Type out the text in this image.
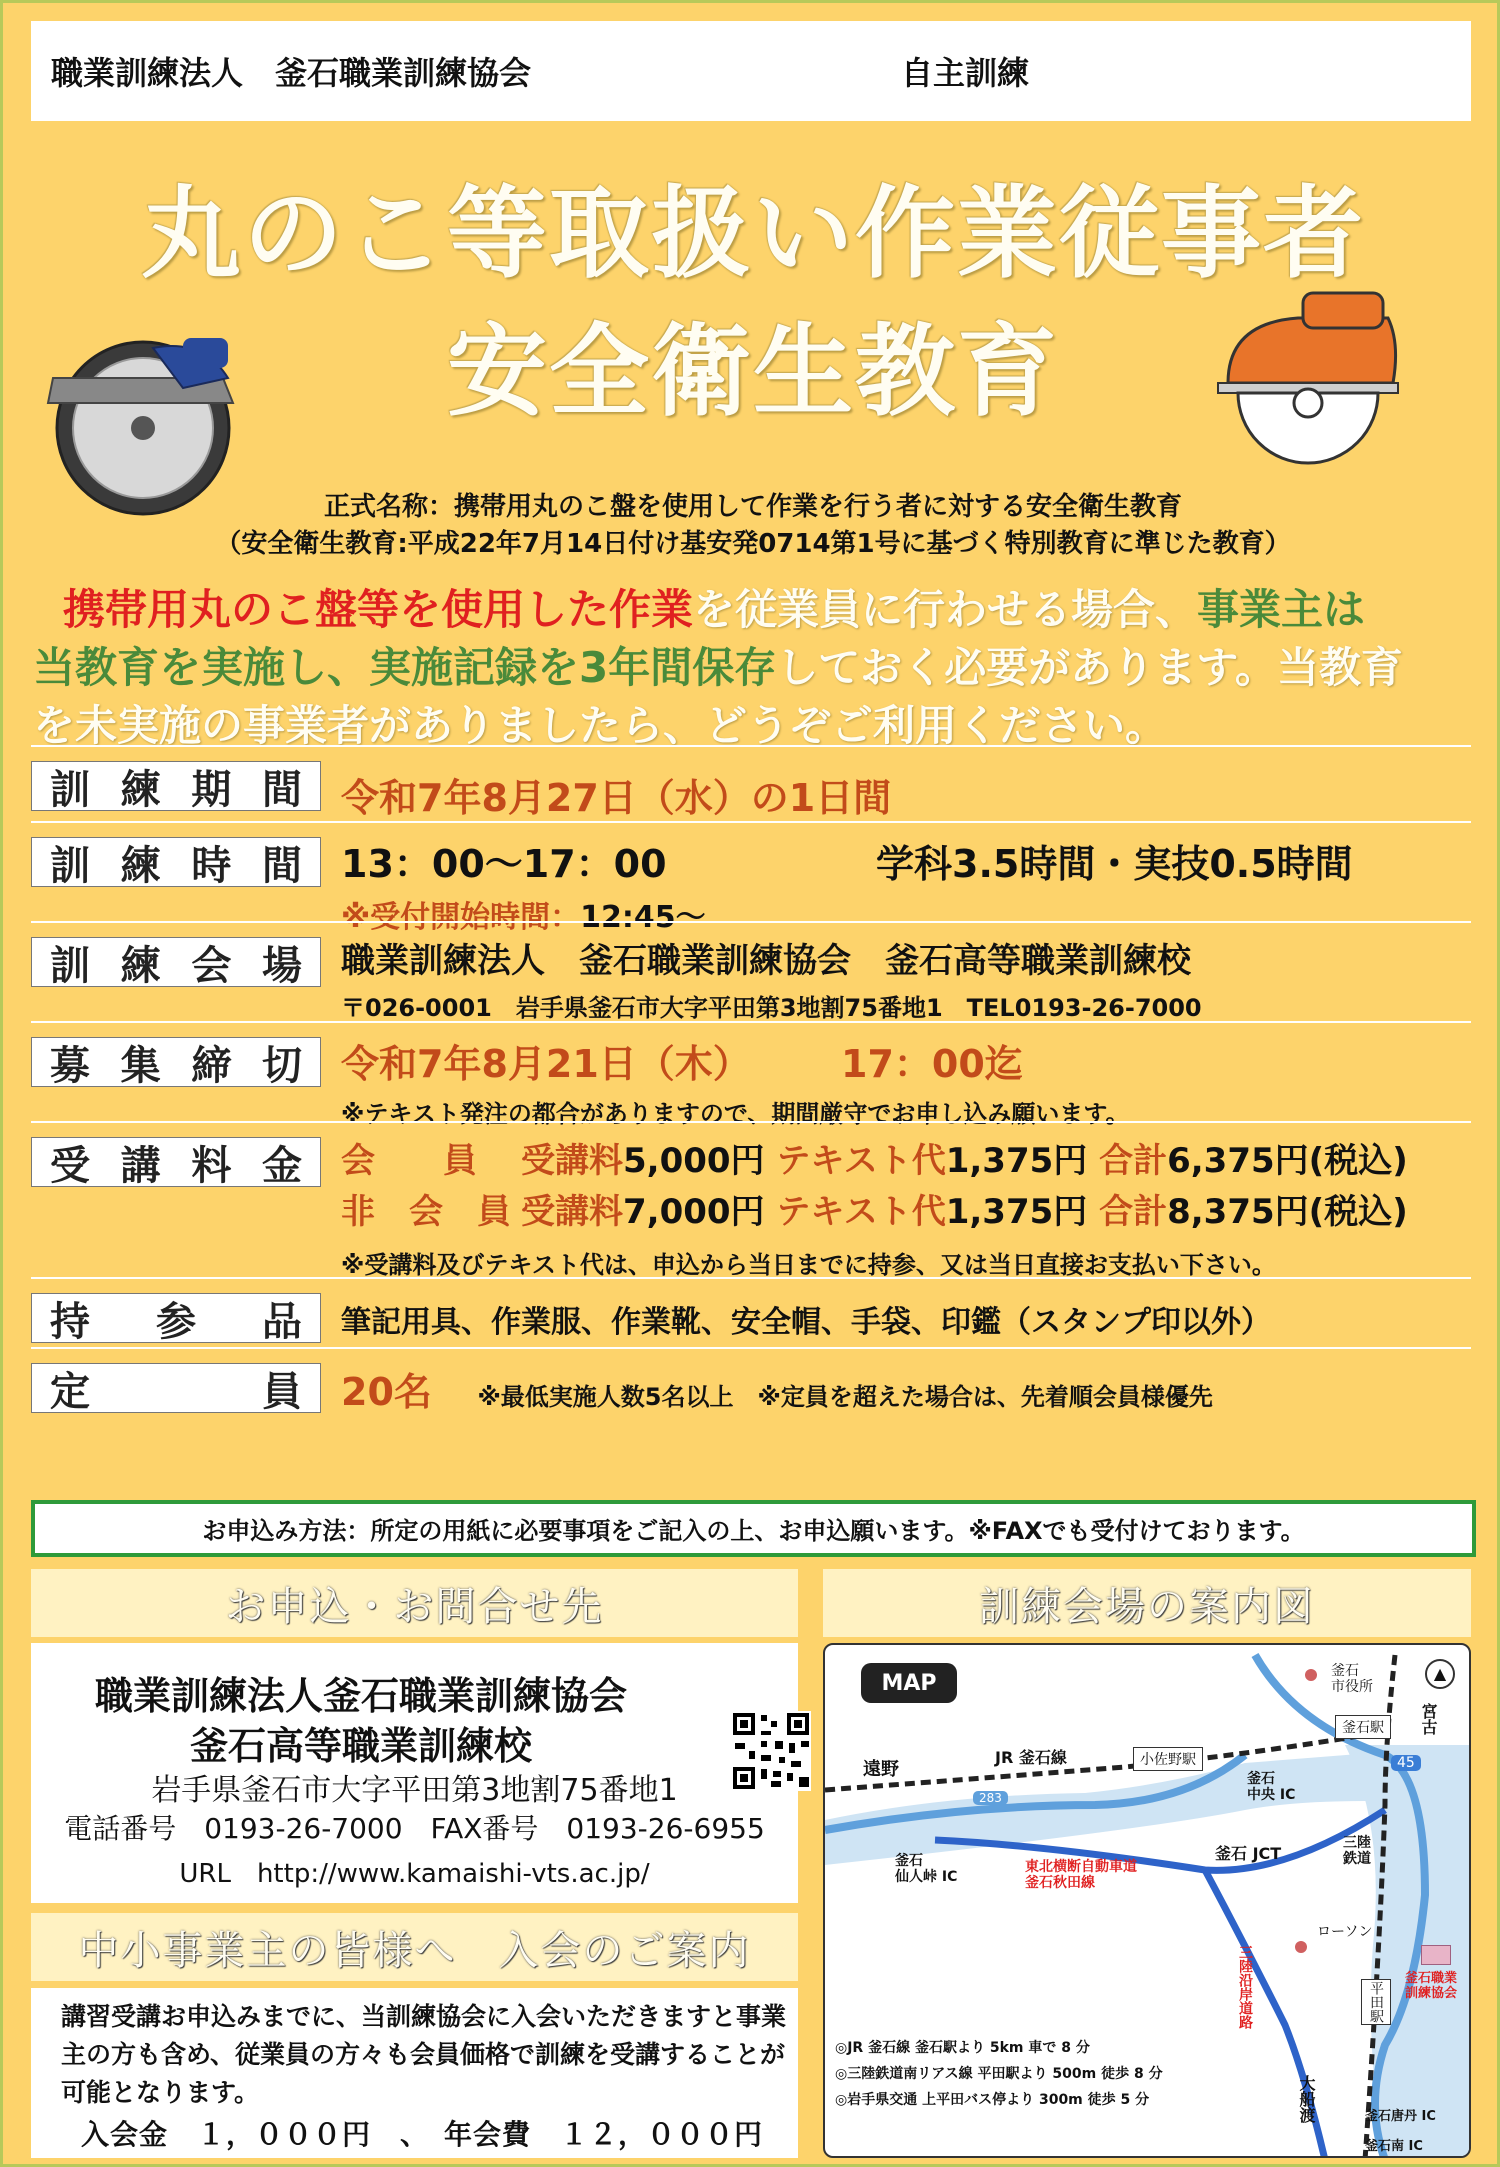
職業訓練法人　釜石職業訓練協会	自主訓練
丸のこ等取扱い作業従事者
安全衛生教育
正式名称：携帯用丸のこ盤を使用して作業を行う者に対する安全衛生教育
（安全衛生教育:平成22年7月14日付け基安発0714第1号に基づく特別教育に準じた教育）
携帯用丸のこ盤等を使用した作業を従業員に行わせる場合、事業主は
当教育を実施し、実施記録を3年間保存しておく必要があります。当教育
を未実施の事業者がありましたら、どうぞご利用ください。
訓 練 期 間 令和7年8月27日（水）の1日間
訓 練 時 間 13：00～17：00	学科3.5時間・実技0.5時間
※受付開始時間：12:45～
訓 練 会 場 職業訓練法人　釜石職業訓練協会　釜石高等職業訓練校
〒026-0001　岩手県釜石市大字平田第3地割75番地1　TEL0193-26-7000
募 集 締 切 令和7年8月21日（木） 17：00迄
※テキスト発注の都合がありますので、期間厳守でお申し込み願います。
受 講 料 金 会　　員 受講料5,000円 テキスト代1,375円 合計6,375円(税込)
非　会　員 受講料7,000円 テキスト代1,375円 合計8,375円(税込)
※受講料及びテキスト代は、申込から当日までに持参、又は当日直接お支払い下さい。
持 参 品 筆記用具、作業服、作業靴、安全帽、手袋、印鑑（スタンプ印以外）
定	員 20名 ※最低実施人数5名以上　※定員を超えた場合は、先着順会員様優先
お申込み方法：所定の用紙に必要事項をご記入の上、お申込願います。※FAXでも受付けております。
お申込・お問合せ先
職業訓練法人釜石職業訓練協会
釜石高等職業訓練校
岩手県釜石市大字平田第3地割75番地1
電話番号　0193-26-7000　FAX番号　0193-26-6955
URL　http://www.kamaishi-vts.ac.jp/
中小事業主の皆様へ　入会のご案内
講習受講お申込みまでに、当訓練協会に入会いただきますと事業主の方も含め、従業員の方々も会員価格で訓練を受講することが可能となります。
入会金　１，０００円　、　年会費　１２，０００円
訓練会場の案内図
MAP	▲
釜石
市役所
宮古
釜石駅
45
遠野
JR 釜石線	小佐野駅
283
釜石
中央 IC
三陸
鉄道
釜石
仙人峠 IC
東北横断自動車道
釜石秋田線
釜石 JCT
ローソン
平田駅
釜石職業
訓練協会
三陸沿岸道路
大船渡	釜石唐丹 IC
釜石南 IC
◎JR 釜石線 釜石駅より 5km 車で 8 分
◎三陸鉄道南リアス線 平田駅より 500m 徒歩 8 分
◎岩手県交通 上平田バス停より 300m 徒歩 5 分
